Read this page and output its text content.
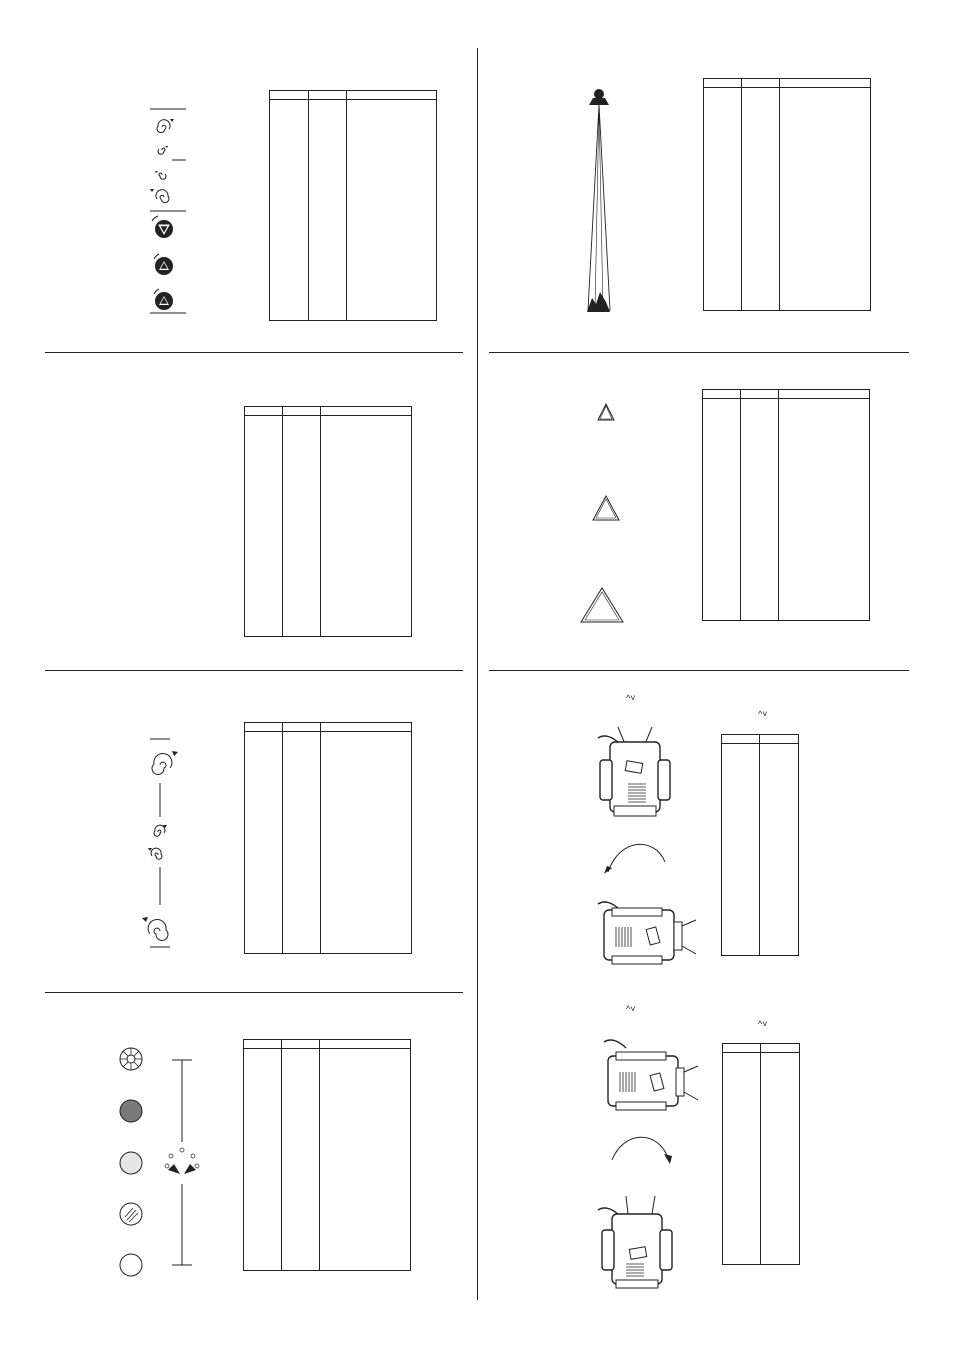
^˅
^˅
^˅
^˅
